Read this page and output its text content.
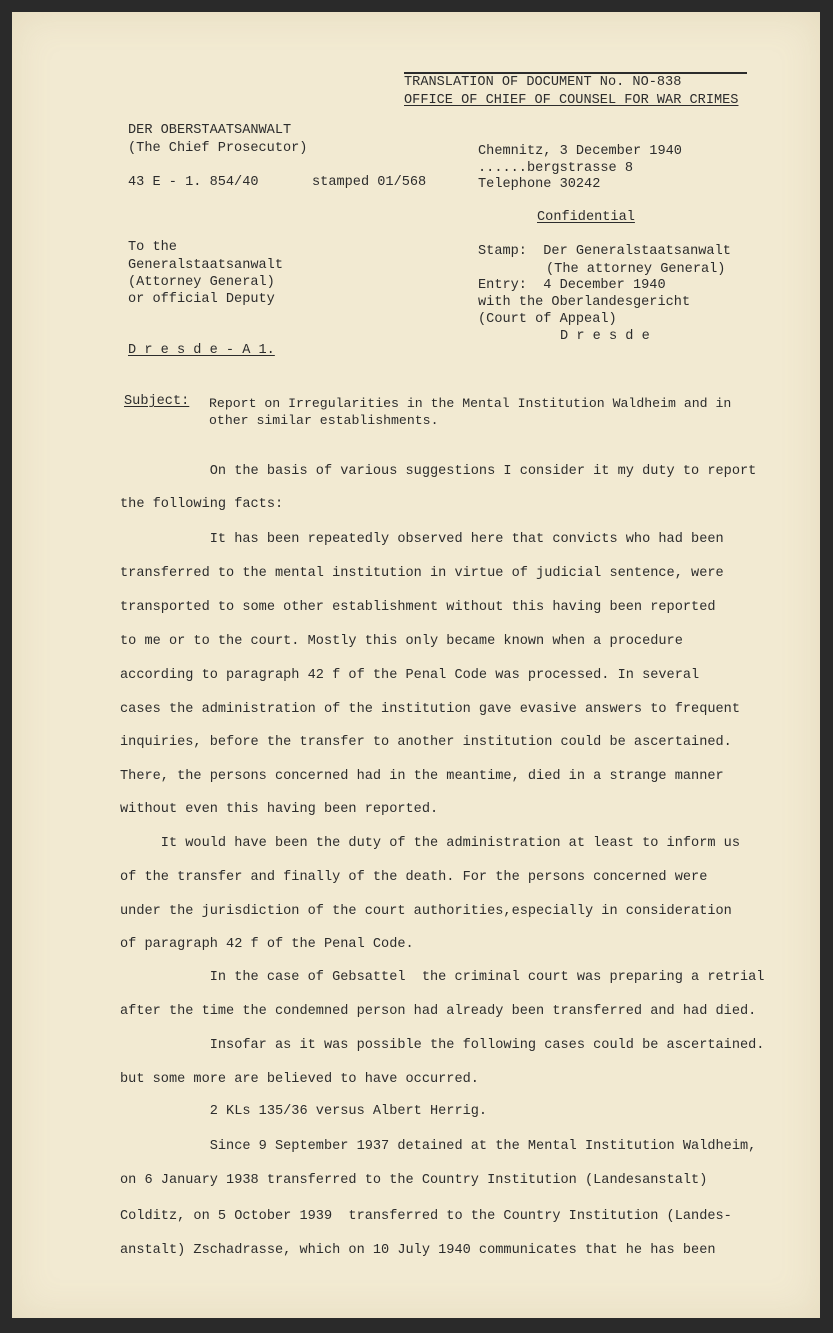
TRANSLATION OF DOCUMENT No. NO-838
OFFICE OF CHIEF OF COUNSEL FOR WAR CRIMES
DER OBERSTAATSANWALT
(The Chief Prosecutor)
43 E - 1. 854/40	stamped 01/568
Chemnitz, 3 December 1940
......bergstrasse 8
Telephone 30242
Confidential
To the
Generalstaatsanwalt
(Attorney General)
or official Deputy
D r e s d e - A 1.
Stamp:  Der Generalstaatsanwalt
(The attorney General)
Entry:  4 December 1940
with the Oberlandesgericht
(Court of Appeal)
D r e s d e
Subject: Report on Irregularities in the Mental Institution Waldheim and in
other similar establishments.
On the basis of various suggestions I consider it my duty to report
the following facts:
It has been repeatedly observed here that convicts who had been
transferred to the mental institution in virtue of judicial sentence, were
transported to some other establishment without this having been reported
to me or to the court. Mostly this only became known when a procedure
according to paragraph 42 f of the Penal Code was processed. In several
cases the administration of the institution gave evasive answers to frequent
inquiries, before the transfer to another institution could be ascertained.
There, the persons concerned had in the meantime, died in a strange manner
without even this having been reported.
It would have been the duty of the administration at least to inform us
of the transfer and finally of the death. For the persons concerned were
under the jurisdiction of the court authorities,especially in consideration
of paragraph 42 f of the Penal Code.
In the case of Gebsattel  the criminal court was preparing a retrial
after the time the condemned person had already been transferred and had died.
Insofar as it was possible the following cases could be ascertained.
but some more are believed to have occurred.
2 KLs 135/36 versus Albert Herrig.
Since 9 September 1937 detained at the Mental Institution Waldheim,
on 6 January 1938 transferred to the Country Institution (Landesanstalt)
Colditz, on 5 October 1939  transferred to the Country Institution (Landes-
anstalt) Zschadrasse, which on 10 July 1940 communicates that he has been
